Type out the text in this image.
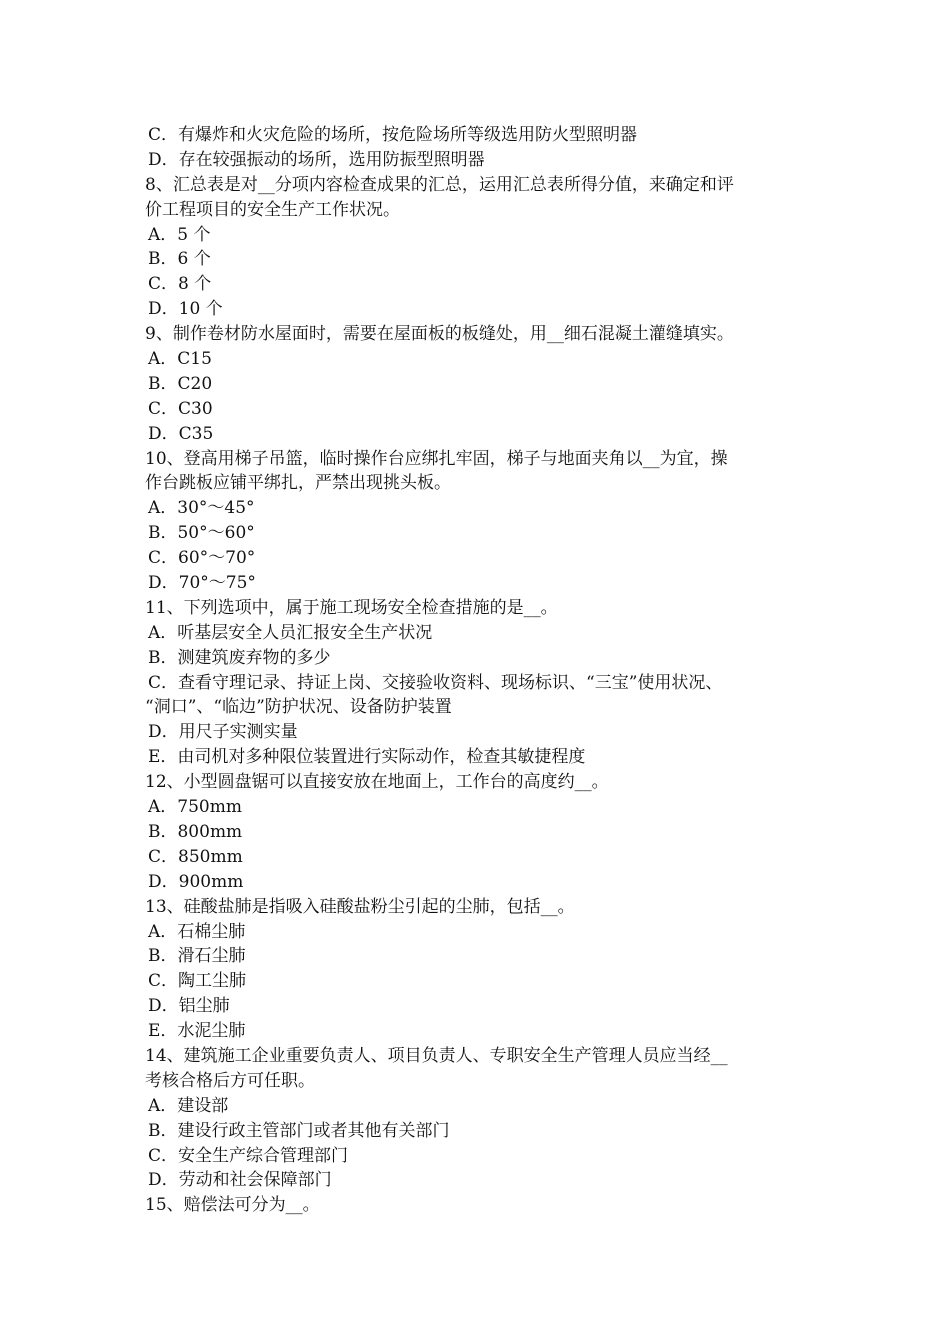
C．有爆炸和火灾危险的场所，按危险场所等级选用防火型照明器
D．存在较强振动的场所，选用防振型照明器
8、汇总表是对__分项内容检查成果的汇总，运用汇总表所得分值，来确定和评
价工程项目的安全生产工作状况。
A．5 个
B．6 个
C．8 个
D．10 个
9、制作卷材防水屋面时，需要在屋面板的板缝处，用__细石混凝土灌缝填实。
A．C15
B．C20
C．C30
D．C35
10、登高用梯子吊篮，临时操作台应绑扎牢固，梯子与地面夹角以__为宜，操
作台跳板应铺平绑扎，严禁出现挑头板。
A．30°～45°
B．50°～60°
C．60°～70°
D．70°～75°
11、下列选项中，属于施工现场安全检查措施的是__。
A．听基层安全人员汇报安全生产状况
B．测建筑废弃物的多少
C．查看守理记录、持证上岗、交接验收资料、现场标识、“三宝”使用状况、
“洞口”、“临边”防护状况、设备防护装置
D．用尺子实测实量
E．由司机对多种限位装置进行实际动作，检查其敏捷程度
12、小型圆盘锯可以直接安放在地面上，工作台的高度约__。
A．750mm
B．800mm
C．850mm
D．900mm
13、硅酸盐肺是指吸入硅酸盐粉尘引起的尘肺，包括__。
A．石棉尘肺
B．滑石尘肺
C．陶工尘肺
D．铝尘肺
E．水泥尘肺
14、建筑施工企业重要负责人、项目负责人、专职安全生产管理人员应当经__
考核合格后方可任职。
A．建设部
B．建设行政主管部门或者其他有关部门
C．安全生产综合管理部门
D．劳动和社会保障部门
15、赔偿法可分为__。
